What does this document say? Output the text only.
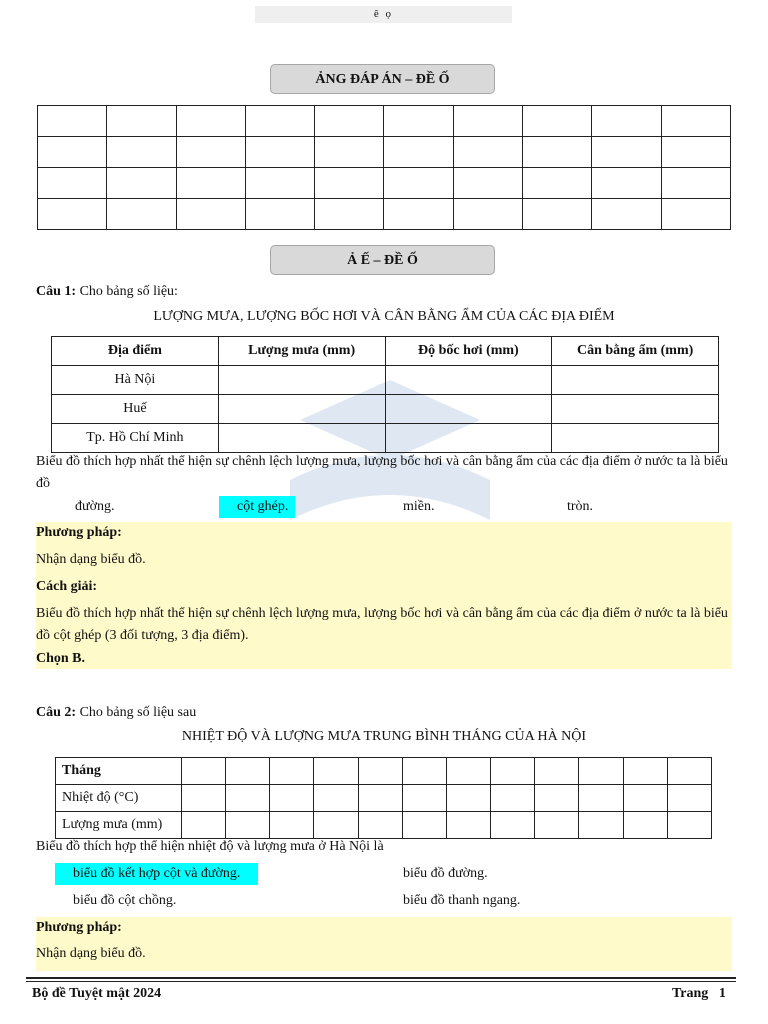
ê ọ
ẢNG ĐÁP ÁN – ĐỀ Ố

Ả Ế – ĐỀ Ố
Câu 1: Cho bảng số liệu:
LƯỢNG MƯA, LƯỢNG BỐC HƠI VÀ CÂN BẰNG ẨM CỦA CÁC ĐỊA ĐIỂM
Địa điểm	Lượng mưa (mm)	Độ bốc hơi (mm)	Cân bằng ẩm (mm)
Hà Nội			
Huế			
Tp. Hồ Chí Minh			
Biểu đồ thích hợp nhất thể hiện sự chênh lệch lượng mưa, lượng bốc hơi và cân bằng ẩm của các địa điểm ở nước ta là biểu đồ
đường.	cột ghép.	miền.	tròn.
Phương pháp:
Nhận dạng biểu đồ.
Cách giải:
Biểu đồ thích hợp nhất thể hiện sự chênh lệch lượng mưa, lượng bốc hơi và cân bằng ẩm của các địa điểm ở nước ta là biểu đồ cột ghép (3 đối tượng, 3 địa điểm).
Chọn B.
Câu 2: Cho bảng số liệu sau
NHIỆT ĐỘ VÀ LƯỢNG MƯA TRUNG BÌNH THÁNG CỦA HÀ NỘI
Tháng												
Nhiệt độ (°C)												
Lượng mưa (mm)												
Biểu đồ thích hợp thể hiện nhiệt độ và lượng mưa ở Hà Nội là
biểu đồ kết hợp cột và đường.	biểu đồ đường.
biểu đồ cột chồng.	biểu đồ thanh ngang.
Phương pháp:
Nhận dạng biểu đồ.
Bộ đề Tuyệt mật 2024	Trang 1
